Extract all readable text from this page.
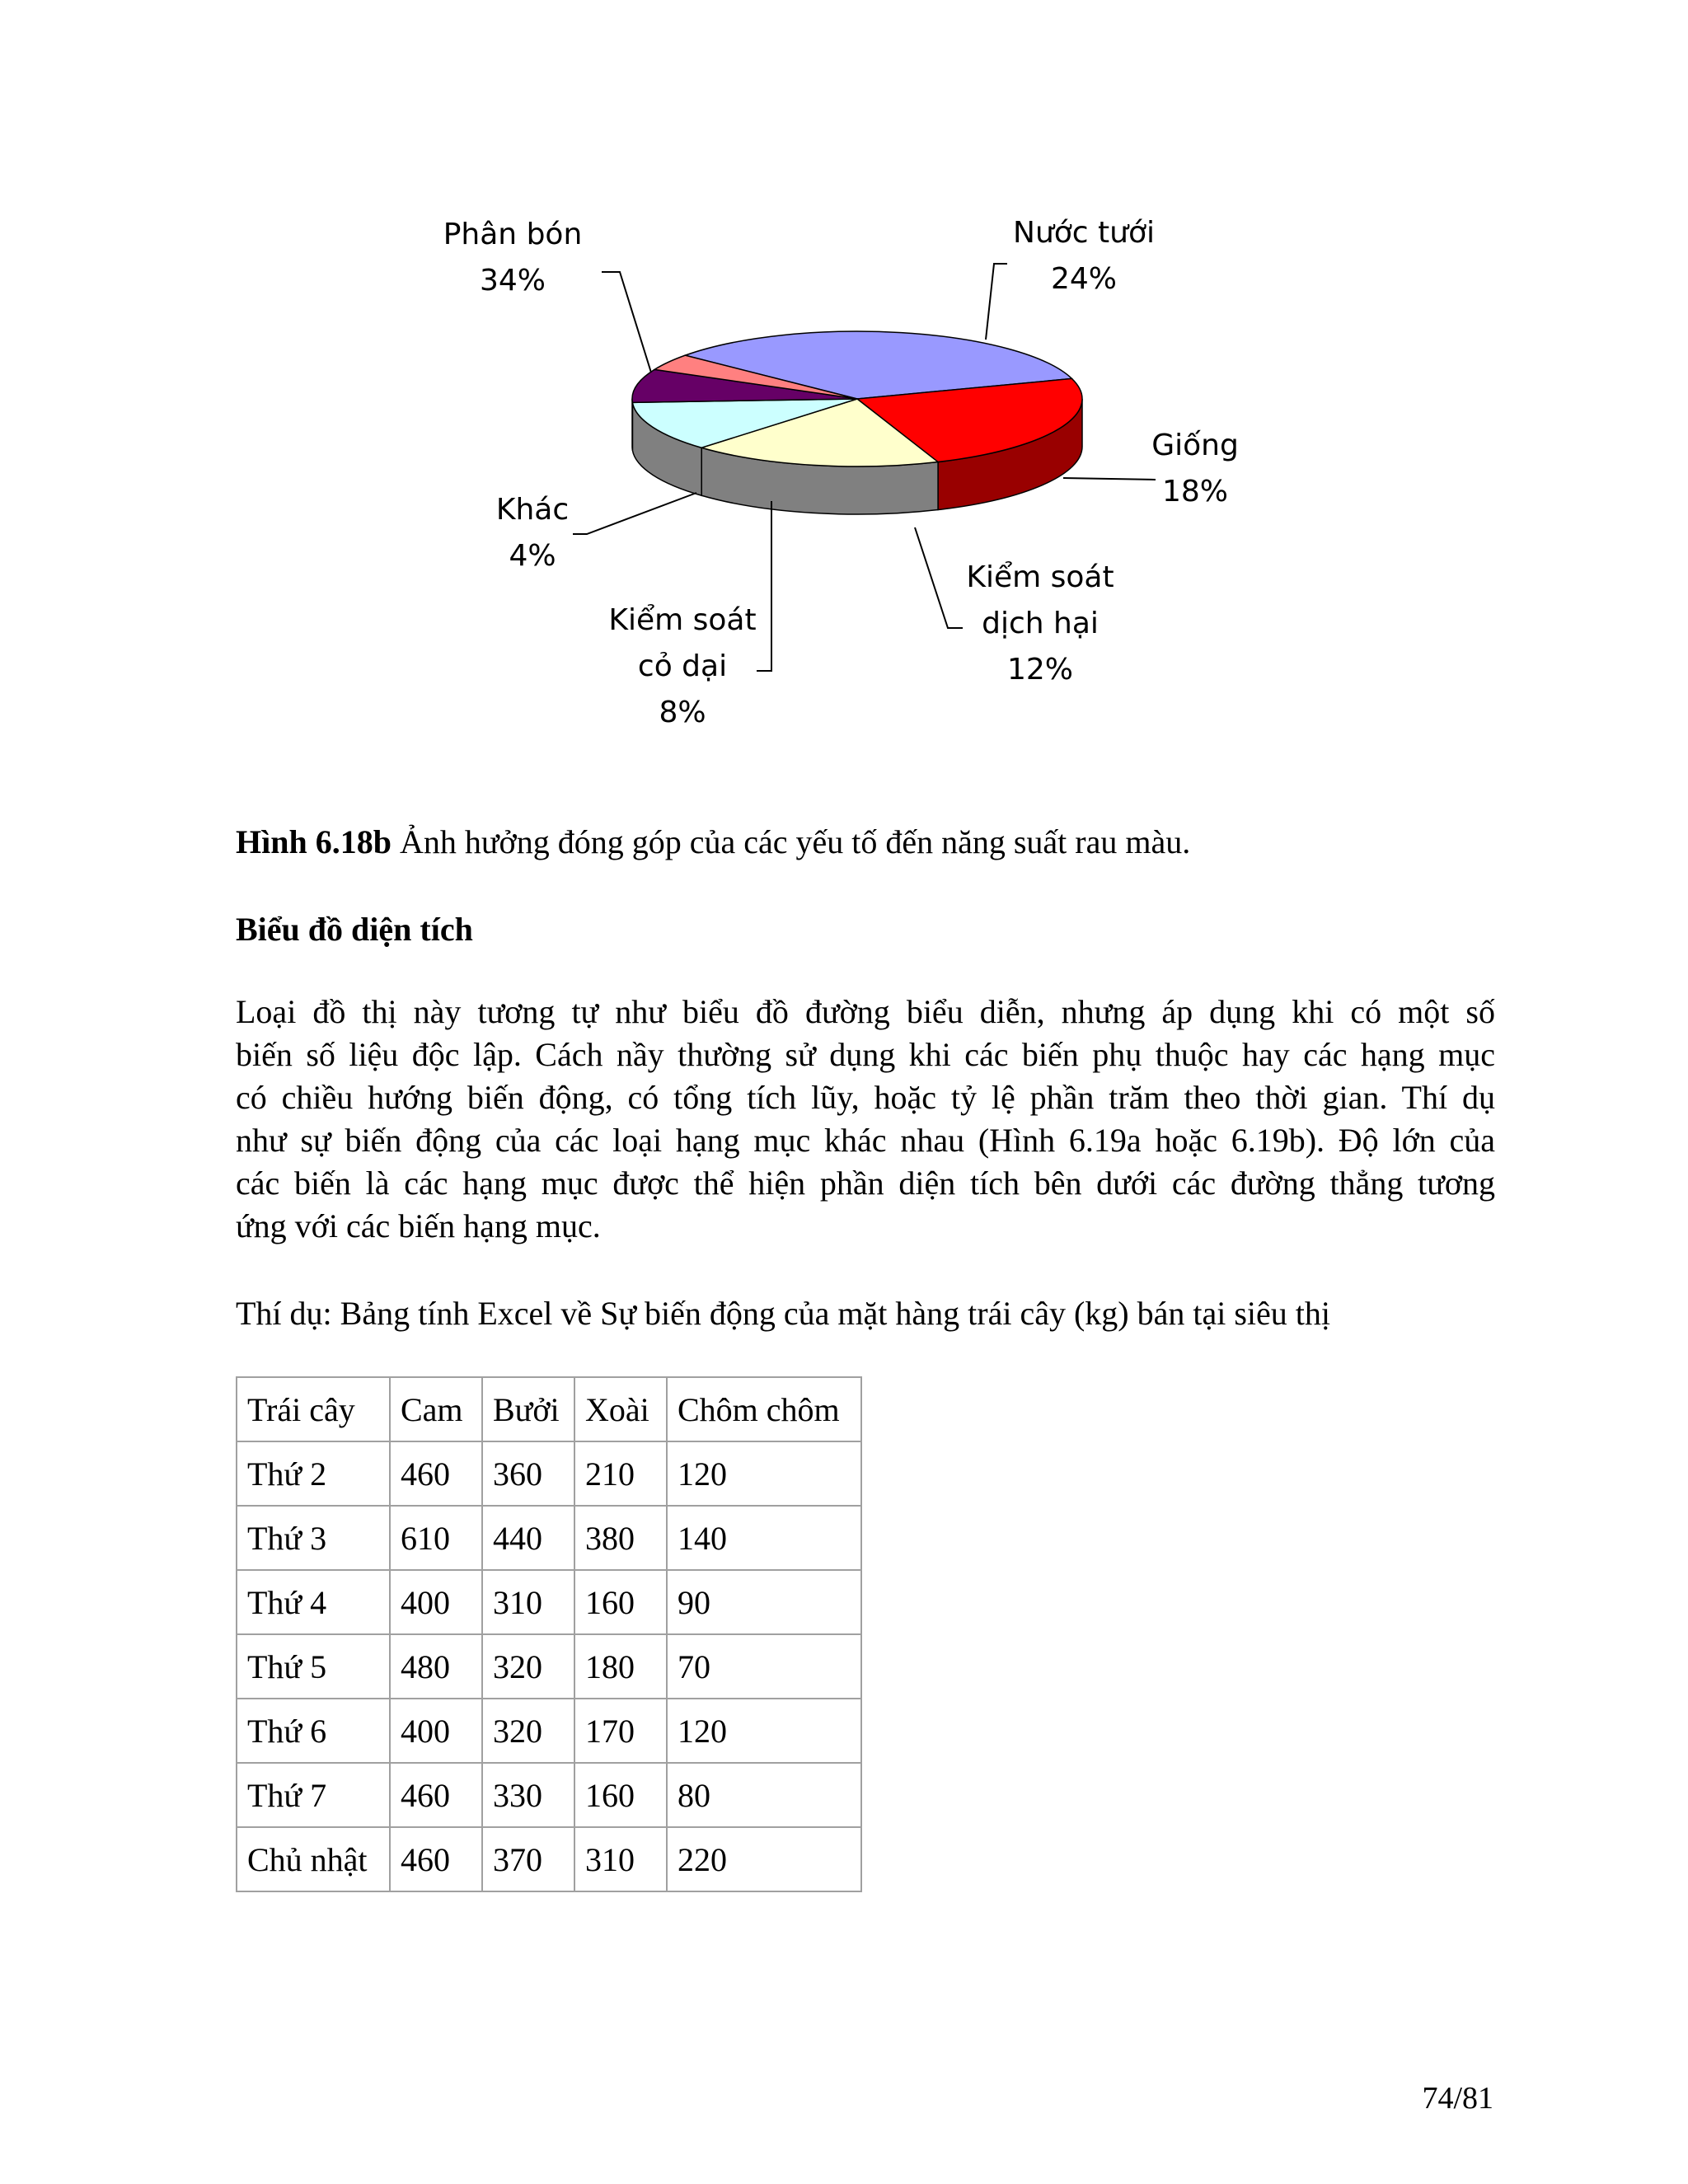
Phân bón
34%
Nước tưới
24%
Giống
18%
Kiểm soát
dịch hại
12%
Kiểm soát
cỏ dại
8%
Khác
4%
Hình 6.18b Ảnh hưởng đóng góp của các yếu tố đến năng suất rau màu.
Biểu đồ diện tích
Loại đồ thị này tương tự như biểu đồ đường biểu diễn, nhưng áp dụng khi có một số
biến số liệu độc lập. Cách nầy thường sử dụng khi các biến phụ thuộc hay các hạng mục
có chiều hướng biến động, có tổng tích lũy, hoặc tỷ lệ phần trăm theo thời gian. Thí dụ
như sự biến động của các loại hạng mục khác nhau (Hình 6.19a hoặc 6.19b). Độ lớn của
các biến là các hạng mục được thể hiện phần diện tích bên dưới các đường thẳng tương
ứng với các biến hạng mục.
Thí dụ: Bảng tính Excel về Sự biến động của mặt hàng trái cây (kg) bán tại siêu thị
Trái cây	Cam	Bưởi	Xoài	Chôm chôm
Thứ 2	460	360	210	120
Thứ 3	610	440	380	140
Thứ 4	400	310	160	90
Thứ 5	480	320	180	70
Thứ 6	400	320	170	120
Thứ 7	460	330	160	80
Chủ nhật	460	370	310	220
74/81
